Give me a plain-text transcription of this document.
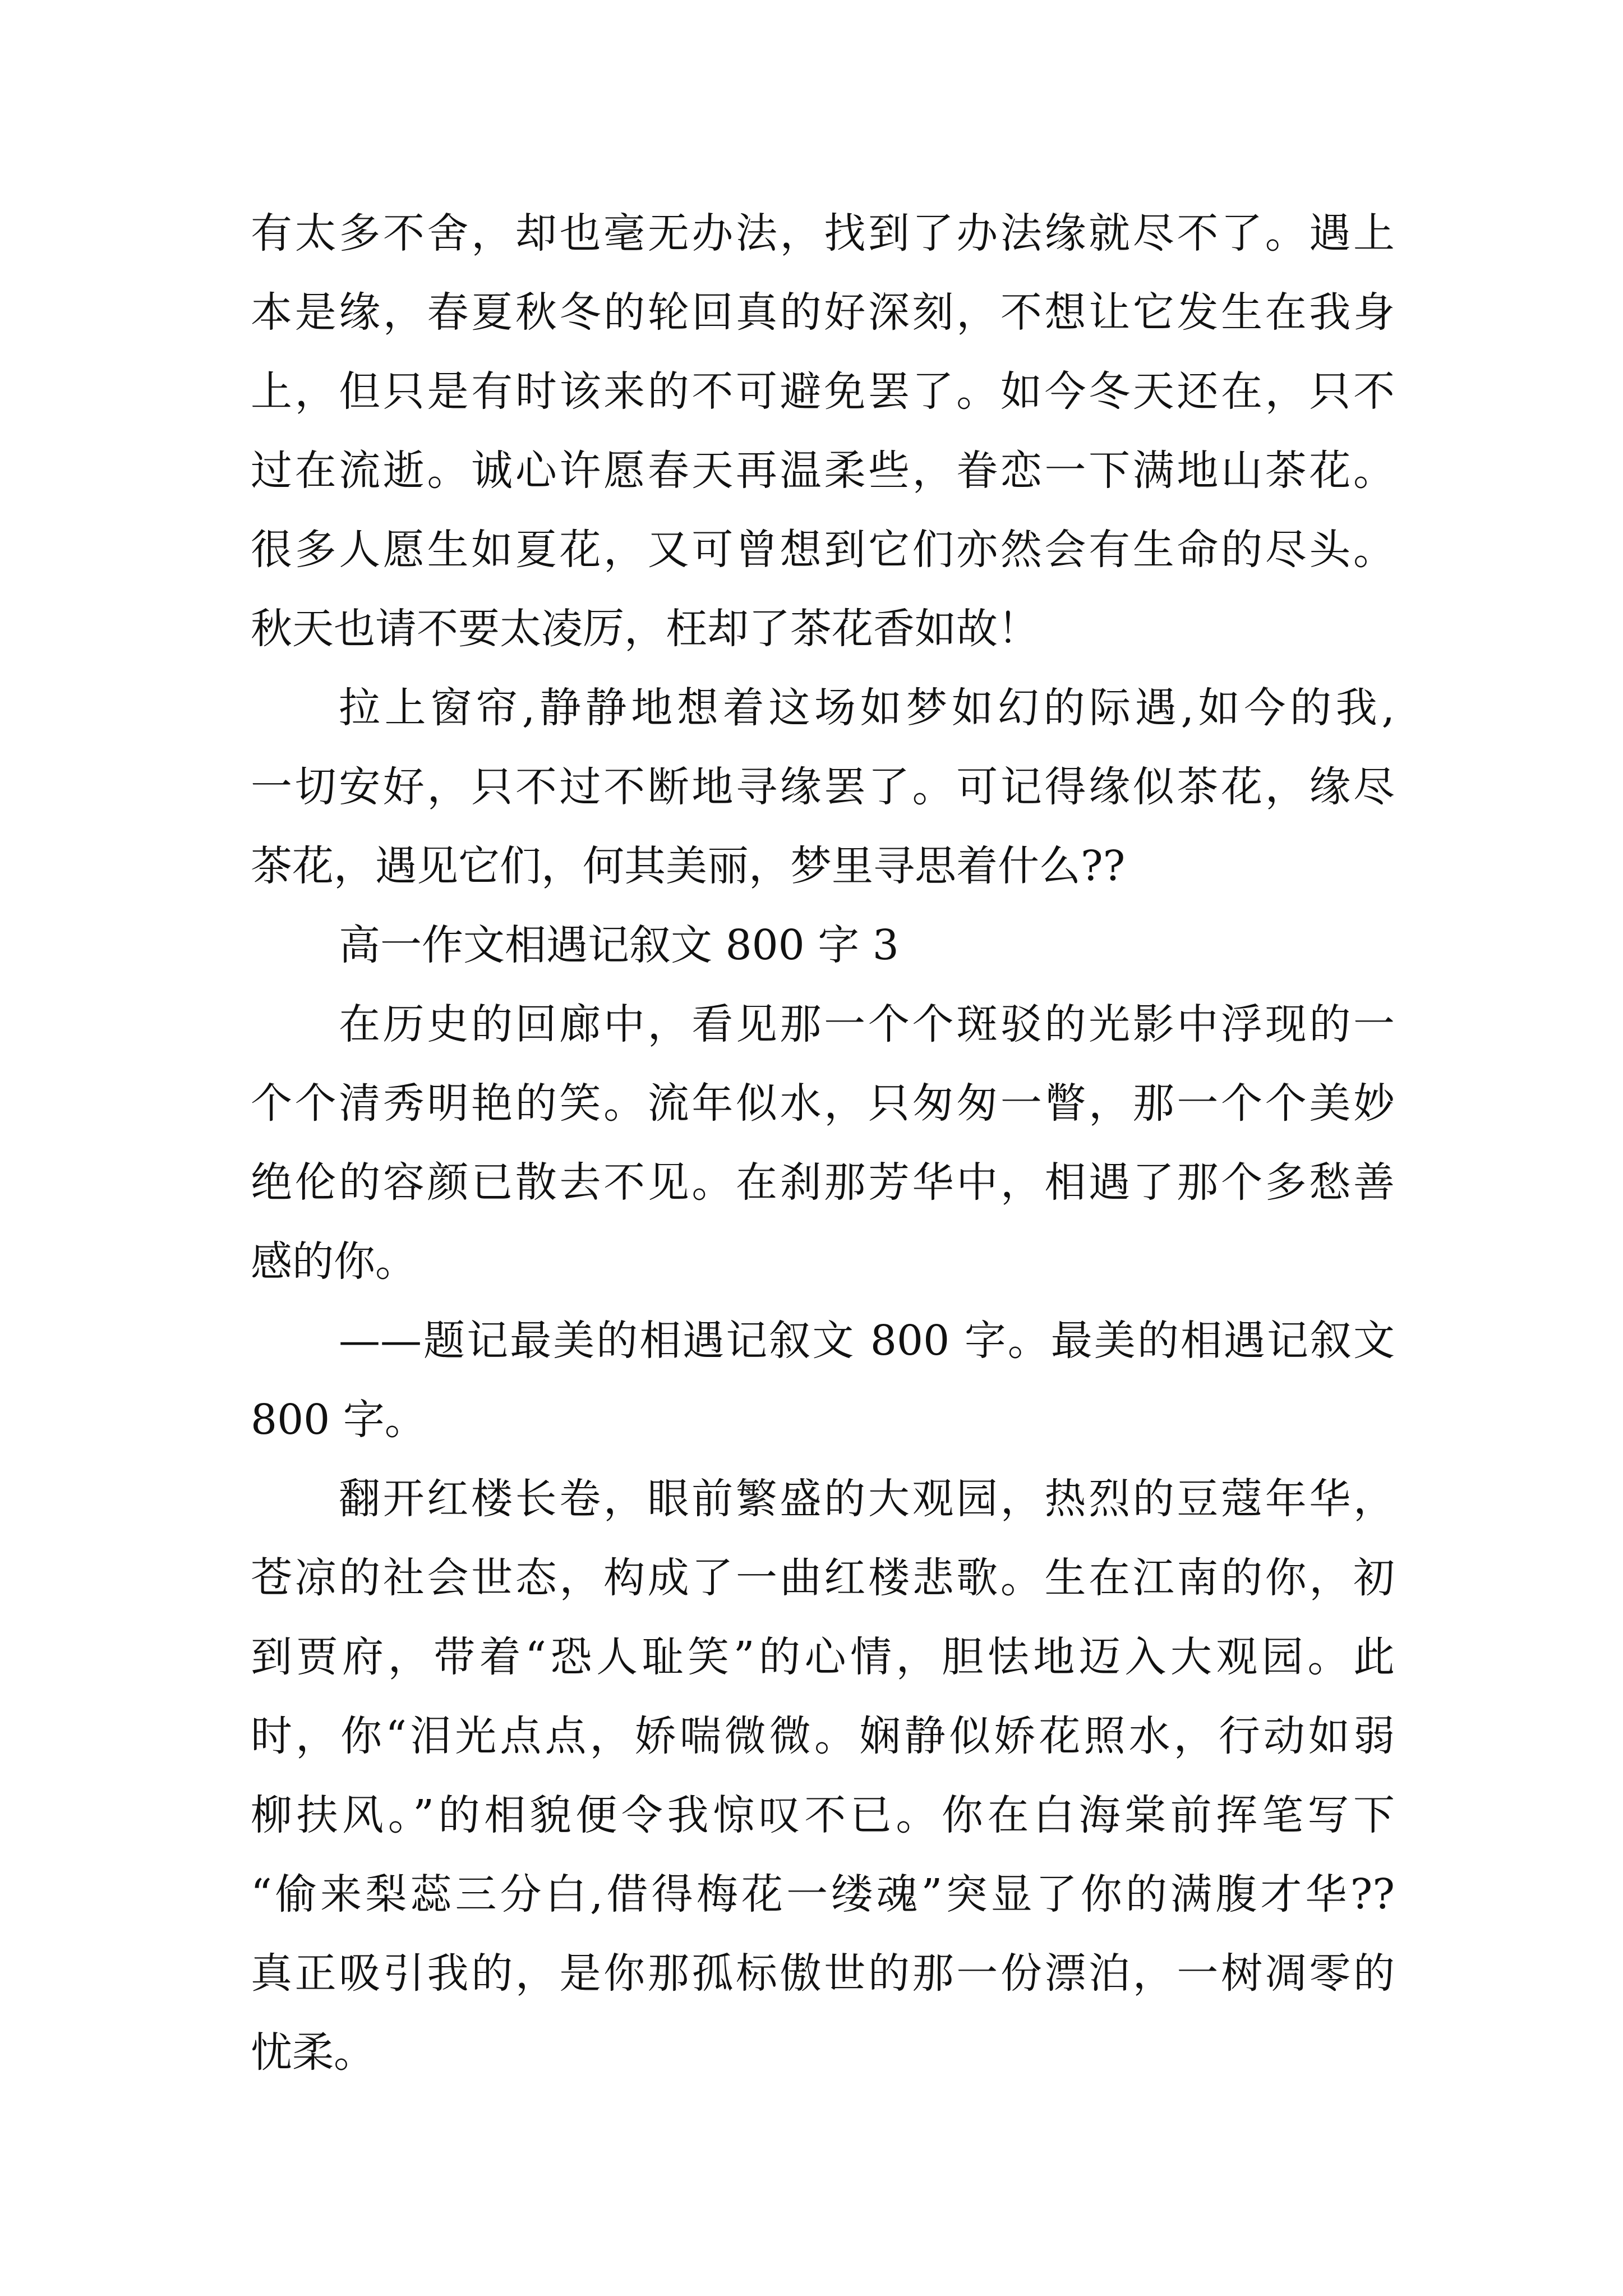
有太多不舍，却也毫无办法，找到了办法缘就尽不了。遇上
本是缘，春夏秋冬的轮回真的好深刻，不想让它发生在我身
上，但只是有时该来的不可避免罢了。如今冬天还在，只不
过在流逝。诚心许愿春天再温柔些，眷恋一下满地山茶花。
很多人愿生如夏花，又可曾想到它们亦然会有生命的尽头。
秋天也请不要太凌厉，枉却了茶花香如故！
拉上窗帘,静静地想着这场如梦如幻的际遇,如今的我,
一切安好，只不过不断地寻缘罢了。可记得缘似茶花，缘尽
茶花，遇见它们，何其美丽，梦里寻思着什么??
高一作文相遇记叙文 800 字 3
在历史的回廊中，看见那一个个斑驳的光影中浮现的一
个个清秀明艳的笑。流年似水，只匆匆一瞥，那一个个美妙
绝伦的容颜已散去不见。在刹那芳华中，相遇了那个多愁善
感的你。
——题记最美的相遇记叙文 800 字。最美的相遇记叙文
800 字。
翻开红楼长卷，眼前繁盛的大观园，热烈的豆蔻年华，
苍凉的社会世态，构成了一曲红楼悲歌。生在江南的你，初
到贾府，带着“恐人耻笑”的心情，胆怯地迈入大观园。此
时，你“泪光点点，娇喘微微。娴静似娇花照水，行动如弱
柳扶风。”的相貌便令我惊叹不已。你在白海棠前挥笔写下
“偷来梨蕊三分白,借得梅花一缕魂”突显了你的满腹才华??
真正吸引我的，是你那孤标傲世的那一份漂泊，一树凋零的
忧柔。
